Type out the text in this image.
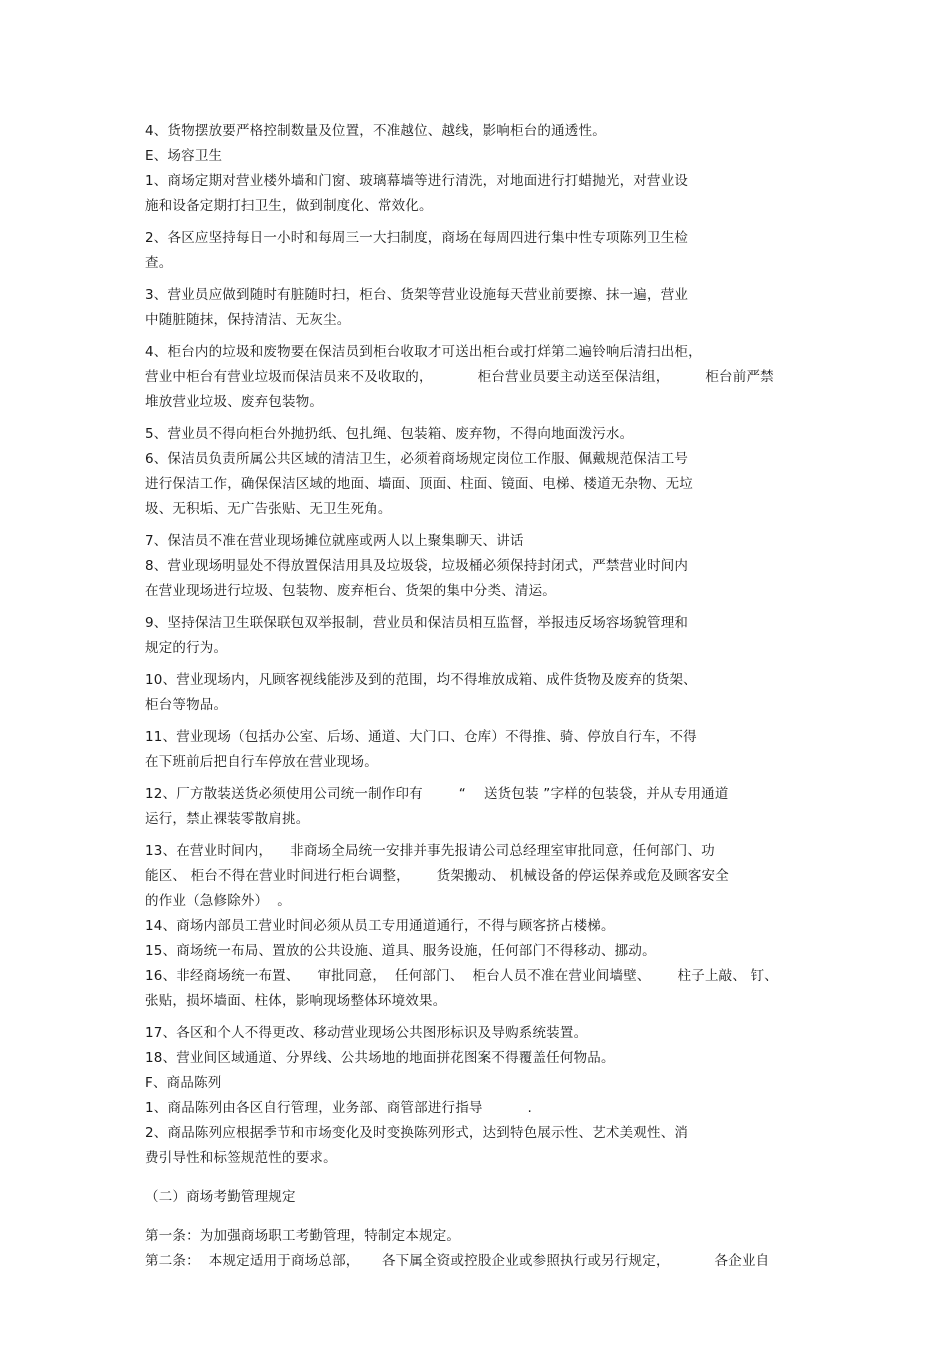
4、货物摆放要严格控制数量及位置，不准越位、越线，影响柜台的通透性。
E、场容卫生
1、商场定期对营业楼外墙和门窗、玻璃幕墙等进行清洗，对地面进行打蜡抛光，对营业设
施和设备定期打扫卫生，做到制度化、常效化。
2、各区应坚持每日一小时和每周三一大扫制度，商场在每周四进行集中性专项陈列卫生检
查。
3、营业员应做到随时有脏随时扫，柜台、货架等营业设施每天营业前要擦、抹一遍，营业
中随脏随抹，保持清洁、无灰尘。
4、柜台内的垃圾和废物要在保洁员到柜台收取才可送出柜台或打烊第二遍铃响后清扫出柜，
营业中柜台有营业垃圾而保洁员来不及收取的，          柜台营业员要主动送至保洁组，        柜台前严禁
堆放营业垃圾、废弃包装物。
5、营业员不得向柜台外抛扔纸、包扎绳、包装箱、废弃物，不得向地面泼污水。
6、保洁员负责所属公共区域的清洁卫生，必须着商场规定岗位工作服、佩戴规范保洁工号
进行保洁工作，确保保洁区域的地面、墙面、顶面、柱面、镜面、电梯、楼道无杂物、无垃
圾、无积垢、无广告张贴、无卫生死角。
7、保洁员不准在营业现场摊位就座或两人以上聚集聊天、讲话
8、营业现场明显处不得放置保洁用具及垃圾袋，垃圾桶必须保持封闭式，严禁营业时间内
在营业现场进行垃圾、包装物、废弃柜台、货架的集中分类、清运。
9、坚持保洁卫生联保联包双举报制，营业员和保洁员相互监督，举报违反场容场貌管理和
规定的行为。
10、营业现场内，凡顾客视线能涉及到的范围，均不得堆放成箱、成件货物及废弃的货架、
柜台等物品。
11、营业现场（包括办公室、后场、通道、大门口、仓库）不得推、骑、停放自行车，不得
在下班前后把自行车停放在营业现场。
12、厂方散装送货必须使用公司统一制作印有        “    送货包装 ”字样的包装袋，并从专用通道
运行，禁止裸装零散肩挑。
13、在营业时间内，    非商场全局统一安排并事先报请公司总经理室审批同意，任何部门、功
能区、 柜台不得在营业时间进行柜台调整，      货架搬动、 机械设备的停运保养或危及顾客安全
的作业（急修除外）  。
14、商场内部员工营业时间必须从员工专用通道通行，不得与顾客挤占楼梯。
15、商场统一布局、置放的公共设施、道具、服务设施，任何部门不得移动、挪动。
16、非经商场统一布置、    审批同意，  任何部门、  柜台人员不准在营业间墙壁、      柱子上敲、 钉、
张贴，损坏墙面、柱体，影响现场整体环境效果。
17、各区和个人不得更改、移动营业现场公共图形标识及导购系统装置。
18、营业间区域通道、分界线、公共场地的地面拼花图案不得覆盖任何物品。
F、商品陈列
1、商品陈列由各区自行管理，业务部、商管部进行指导          .
2、商品陈列应根据季节和市场变化及时变换陈列形式，达到特色展示性、艺术美观性、消
费引导性和标签规范性的要求。
（二）商场考勤管理规定
第一条：为加强商场职工考勤管理，特制定本规定。
第二条：  本规定适用于商场总部，     各下属全资或控股企业或参照执行或另行规定，          各企业自
